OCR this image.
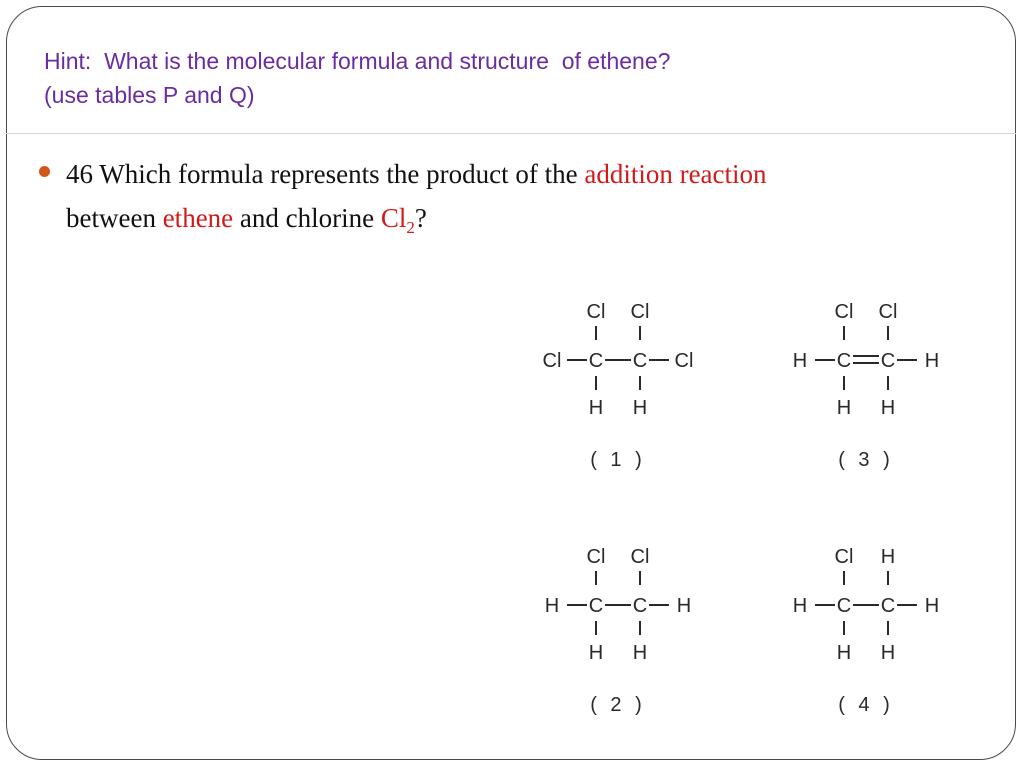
Hint:  What is the molecular formula and structure  of ethene?
(use tables P and Q)
46 Which formula represents the product of the addition reaction
between ethene and chlorine $Cl_2$?
Cl Cl
Cl C C Cl
H H
( 1 )
Cl Cl
H C C H
H H
( 2 )
Cl Cl
H C C H
H H
( 3 )
Cl H
H C C H
H H
( 4 )
